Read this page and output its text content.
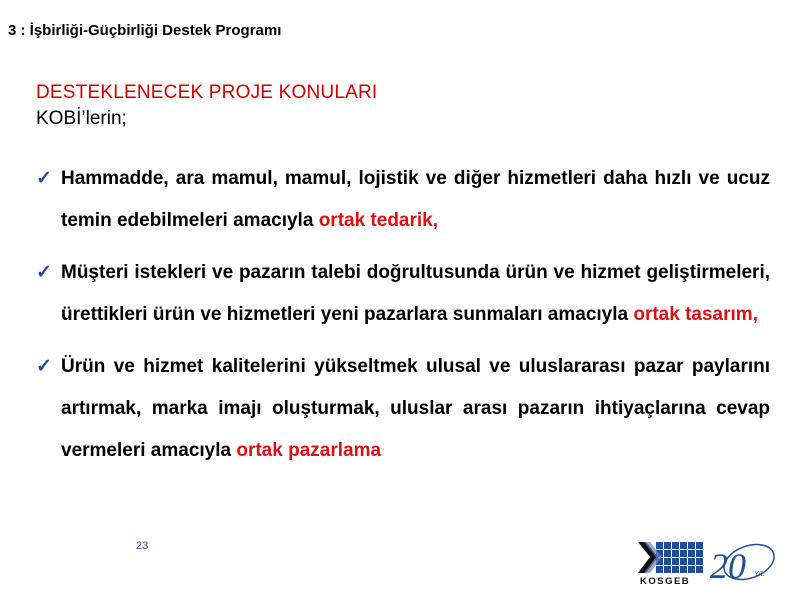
3 : İşbirliği-Güçbirliği Destek Programı
DESTEKLENECEK PROJE KONULARI
KOBİ’lerin;
✓ Hammadde, ara mamul, mamul, lojistik ve diğer hizmetleri daha hızlı ve ucuz temin edebilmeleri amacıyla ortak tedarik,
✓ Müşteri istekleri ve pazarın talebi doğrultusunda ürün ve hizmet geliştirmeleri, ürettikleri ürün ve hizmetleri yeni pazarlara sunmaları amacıyla ortak tasarım,
✓ Ürün ve hizmet kalitelerini yükseltmek ulusal ve uluslararası pazar paylarını artırmak, marka imajı oluşturmak, uluslar arası pazarın ihtiyaçlarına cevap vermeleri amacıyla ortak pazarlama
23
KOSGEB 20 YIL
